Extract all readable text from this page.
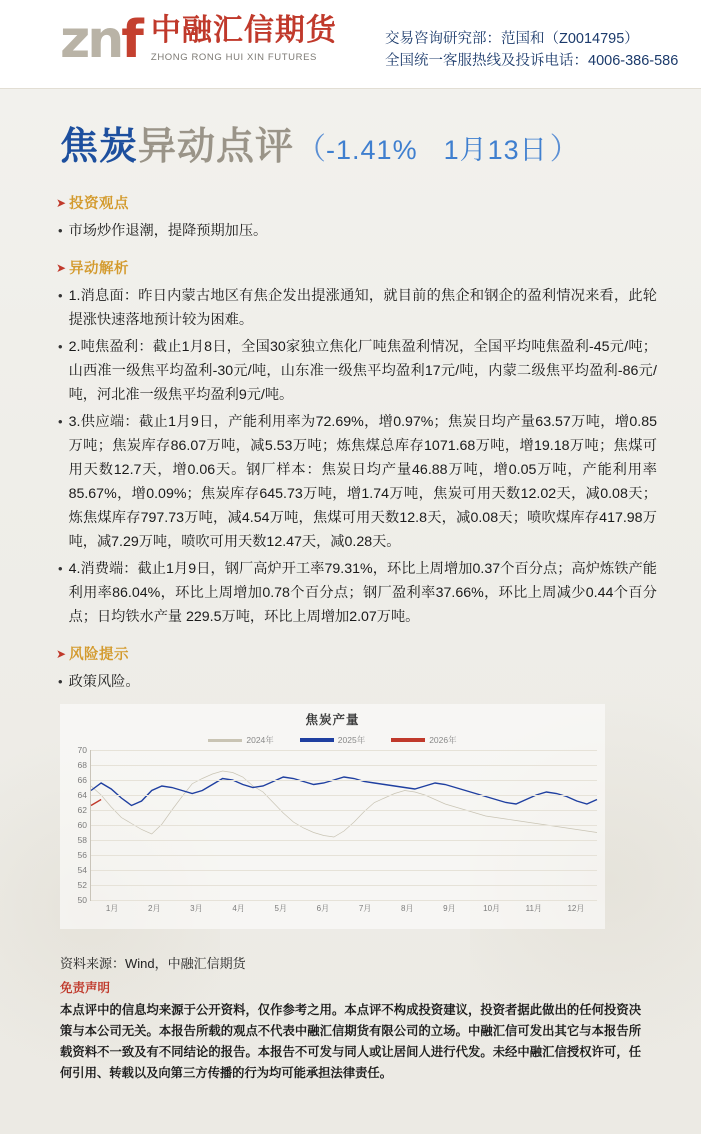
znf 中融汇信期货
ZHONG RONG HUI XIN FUTURES
交易咨询研究部：范国和（Z0014795）
全国统一客服热线及投诉电话：4006-386-586
焦炭 异动点评 （ -1.41% 1月13日 ）
➤ 投资观点
• 市场炒作退潮，提降预期加压。
➤ 异动解析
• 1.消息面：昨日内蒙古地区有焦企发出提涨通知，就目前的焦企和钢企的盈利情况来看，此轮提涨快速落地预计较为困难。
• 2.吨焦盈利：截止1月8日，全国30家独立焦化厂吨焦盈利情况，全国平均吨焦盈利-45元/吨；山西准一级焦平均盈利-30元/吨，山东准一级焦平均盈利17元/吨，内蒙二级焦平均盈利-86元/吨，河北准一级焦平均盈利9元/吨。
• 3.供应端：截止1月9日，产能利用率为72.69%，增0.97%；焦炭日均产量63.57万吨，增0.85万吨；焦炭库存86.07万吨，减5.53万吨；炼焦煤总库存1071.68万吨，增19.18万吨；焦煤可用天数12.7天，增0.06天。钢厂样本：焦炭日均产量46.88万吨，增0.05万吨，产能利用率85.67%，增0.09%；焦炭库存645.73万吨，增1.74万吨，焦炭可用天数12.02天，减0.08天；炼焦煤库存797.73万吨，减4.54万吨，焦煤可用天数12.8天，减0.08天；喷吹煤库存417.98万吨，减7.29万吨，喷吹可用天数12.47天，减0.28天。
• 4.消费端：截止1月9日，钢厂高炉开工率79.31%，环比上周增加0.37个百分点；高炉炼铁产能利用率86.04%，环比上周增加0.78个百分点；钢厂盈利率37.66%，环比上周减少0.44个百分点；日均铁水产量 229.5万吨，环比上周增加2.07万吨。
➤ 风险提示
• 政策风险。
焦炭产量
2024年	2025年	2026年
50
52
54
56
58
60
62
64
66
68
70
1月	2月	3月	4月	5月	6月	7月	8月	9月	10月	11月	12月
资料来源：Wind，中融汇信期货
免责声明
本点评中的信息均来源于公开资料，仅作参考之用。本点评不构成投资建议，投资者据此做出的任何投资决策与本公司无关。本报告所载的观点不代表中融汇信期货有限公司的立场。中融汇信可发出其它与本报告所载资料不一致及有不同结论的报告。本报告不可发与同人或让居间人进行代发。未经中融汇信授权许可，任何引用、转载以及向第三方传播的行为均可能承担法律责任。
